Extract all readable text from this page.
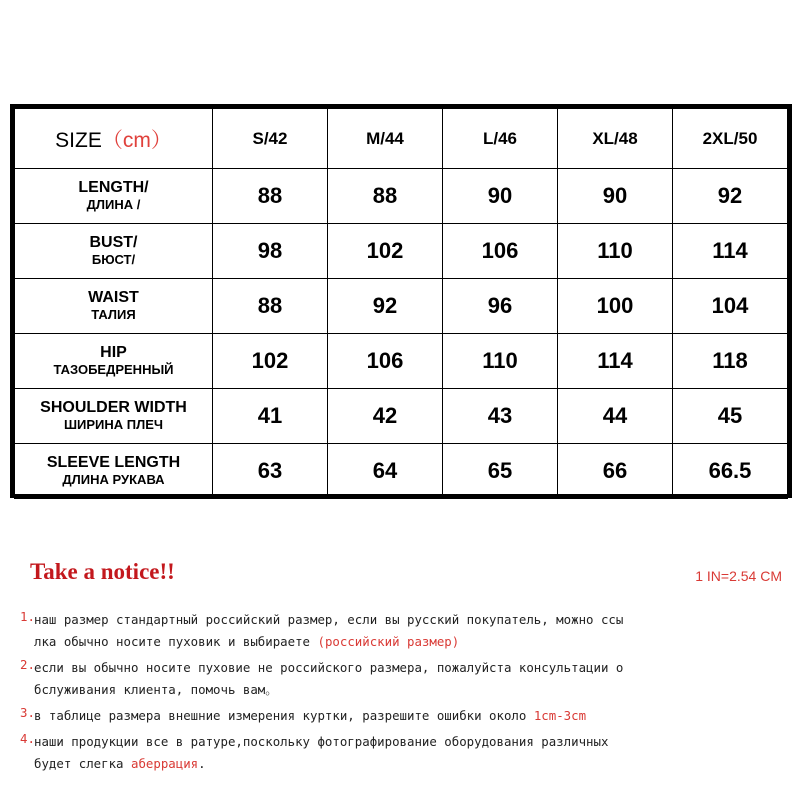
SIZE（cm）	S/42	M/44	L/46	XL/48	2XL/50

LENGTH/
ДЛИНА /	88	88	90	90	92

BUST/
БЮСТ/	98	102	106	110	114

WAIST
ТАЛИЯ	88	92	96	100	104

HIP
ТАЗОБЕДРЕННЫЙ	102	106	110	114	118

SHOULDER WIDTH
ШИРИНА ПЛЕЧ	41	42	43	44	45

SLEEVE LENGTH
ДЛИНА РУКАВА	63	64	65	66	66.5
Take a notice!!	1 IN=2.54 CM
1. наш размер стандартный российский размер, если вы русский покупатель, можно ссы
лка обычно носите пуховик и выбираете (российский размер)
2. если вы обычно носите пуховие не российского размера, пожалуйста консультации о
бслуживания клиента, помочь вам。
3. в таблице размера внешние измерения куртки, разрешите ошибки около 1cm-3cm
4. наши продукции все в ратуре,поскольку фотографирование оборудования различных
будет слегка аберрация.
